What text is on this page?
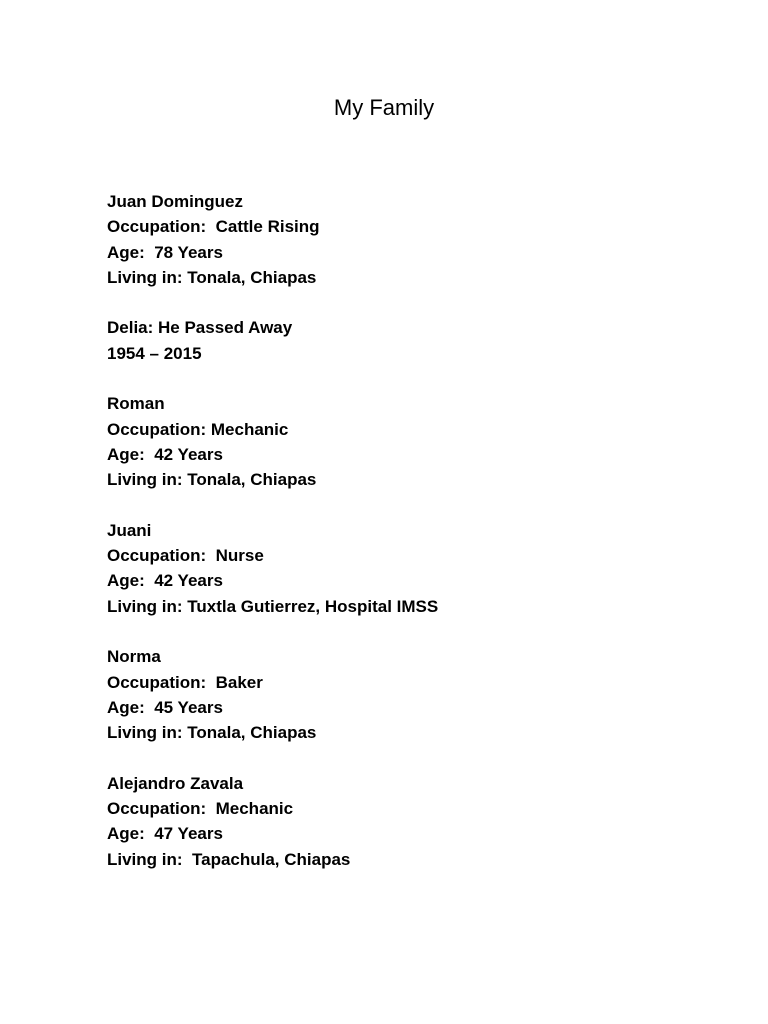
My Family
Juan Dominguez
Occupation:  Cattle Rising
Age:  78 Years
Living in: Tonala, Chiapas
Delia: He Passed Away
1954 – 2015
Roman
Occupation: Mechanic
Age:  42 Years
Living in: Tonala, Chiapas
Juani
Occupation:  Nurse
Age:  42 Years
Living in: Tuxtla Gutierrez, Hospital IMSS
Norma
Occupation:  Baker
Age:  45 Years
Living in: Tonala, Chiapas
Alejandro Zavala
Occupation:  Mechanic
Age:  47 Years
Living in:  Tapachula, Chiapas
